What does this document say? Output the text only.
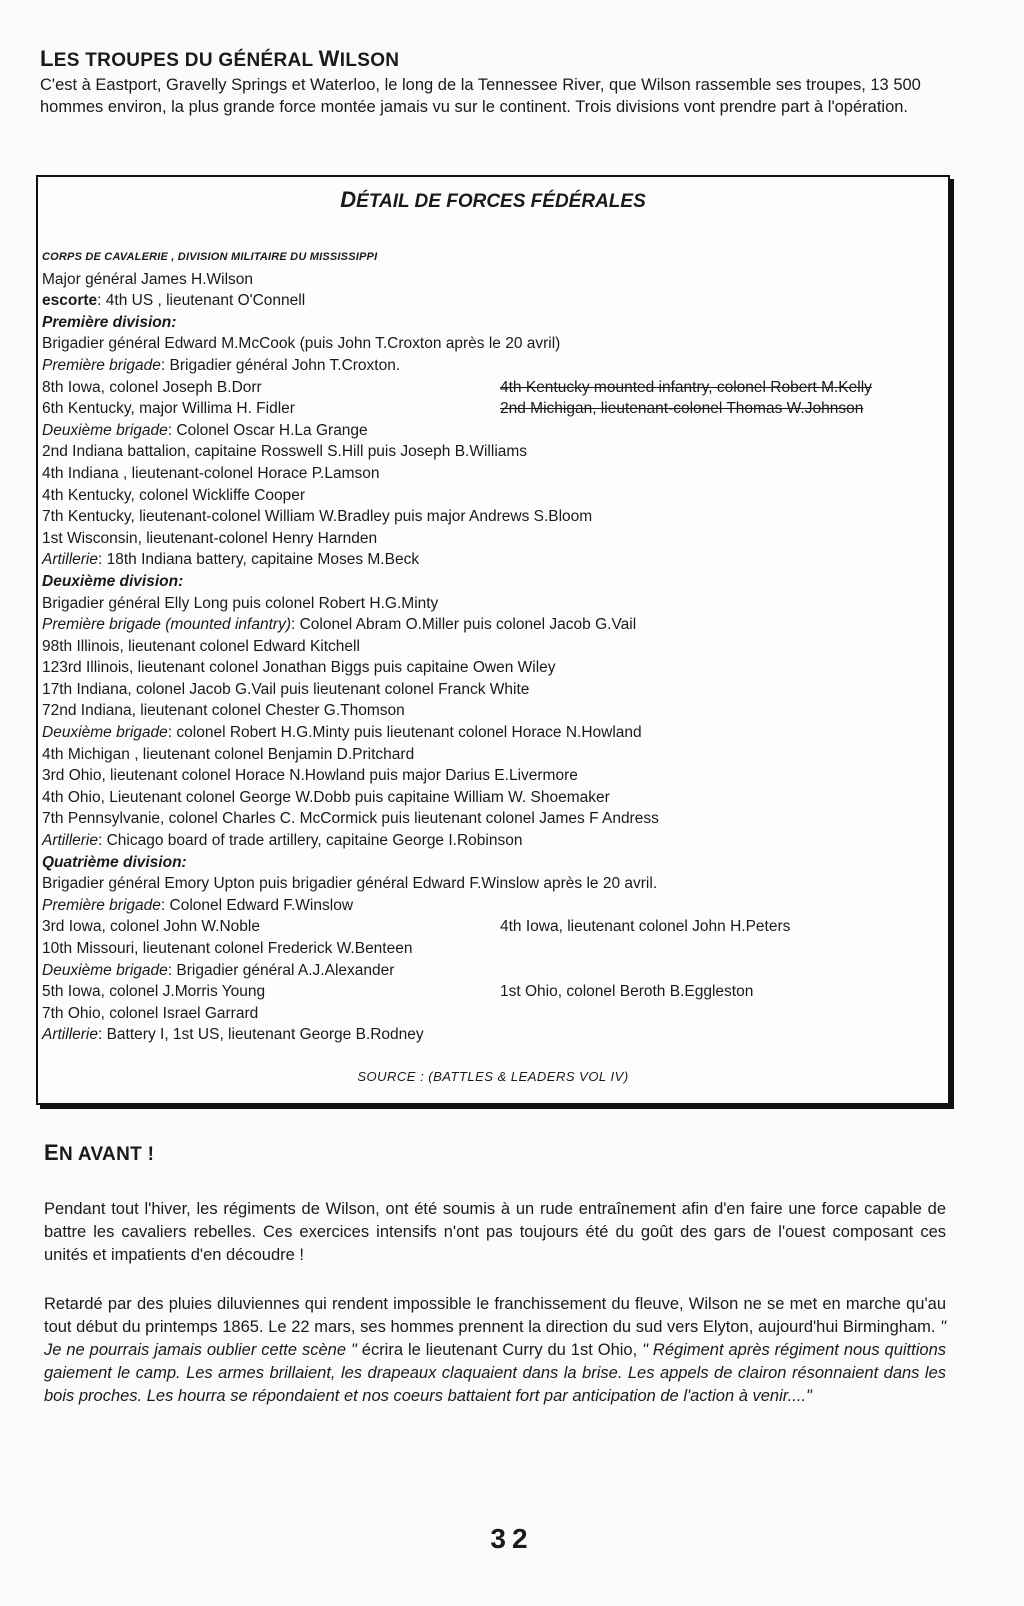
LES TROUPES DU GÉNÉRAL WILSON

C'est à Eastport, Gravelly Springs et Waterloo, le long de la Tennessee River, que Wilson rassemble ses troupes, 13 500 hommes environ, la plus grande force montée jamais vu sur le continent. Trois divisions vont prendre part à l'opération.

DÉTAIL DE FORCES FÉDÉRALES
CORPS DE CAVALERIE , DIVISION MILITAIRE DU MISSISSIPPI
Major général James H.Wilson
escorte: 4th US , lieutenant O'Connell
Première division:
Brigadier général Edward M.McCook (puis John T.Croxton après le 20 avril)
Première brigade: Brigadier général John T.Croxton.
8th Iowa, colonel Joseph B.Dorr	4th Kentucky mounted infantry, colonel Robert M.Kelly
6th Kentucky, major Willima H. Fidler	2nd Michigan, lieutenant-colonel Thomas W.Johnson
Deuxième brigade: Colonel Oscar H.La Grange
2nd Indiana battalion, capitaine Rosswell S.Hill puis Joseph B.Williams
4th Indiana , lieutenant-colonel Horace P.Lamson
4th Kentucky, colonel Wickliffe Cooper
7th Kentucky, lieutenant-colonel William W.Bradley puis major Andrews S.Bloom
1st Wisconsin, lieutenant-colonel Henry Harnden
Artillerie: 18th Indiana battery, capitaine Moses M.Beck
Deuxième division:
Brigadier général Elly Long puis colonel Robert H.G.Minty
Première brigade (mounted infantry): Colonel Abram O.Miller puis colonel Jacob G.Vail
98th Illinois, lieutenant colonel Edward Kitchell
123rd Illinois, lieutenant colonel Jonathan Biggs puis capitaine Owen Wiley
17th Indiana, colonel Jacob G.Vail puis lieutenant colonel Franck White
72nd Indiana, lieutenant colonel Chester G.Thomson
Deuxième brigade: colonel Robert H.G.Minty puis lieutenant colonel Horace N.Howland
4th Michigan , lieutenant colonel Benjamin D.Pritchard
3rd Ohio, lieutenant colonel Horace N.Howland puis major Darius E.Livermore
4th Ohio, Lieutenant colonel George W.Dobb puis capitaine William W. Shoemaker
7th Pennsylvanie, colonel Charles C. McCormick puis lieutenant colonel James F Andress
Artillerie: Chicago board of trade artillery, capitaine George I.Robinson
Quatrième division:
Brigadier général Emory Upton puis brigadier général Edward F.Winslow après le 20 avril.
Première brigade: Colonel Edward F.Winslow
3rd Iowa, colonel John W.Noble	4th Iowa, lieutenant colonel John H.Peters
10th Missouri, lieutenant colonel Frederick W.Benteen
Deuxième brigade: Brigadier général A.J.Alexander
5th Iowa, colonel J.Morris Young	1st Ohio, colonel Beroth B.Eggleston
7th Ohio, colonel Israel Garrard
Artillerie: Battery I, 1st US, lieutenant George B.Rodney
SOURCE : (BATTLES & LEADERS VOL IV)
EN AVANT !

Pendant tout l'hiver, les régiments de Wilson, ont été soumis à un rude entraînement afin d'en faire une force capable de battre les cavaliers rebelles. Ces exercices intensifs n'ont pas toujours été du goût des gars de l'ouest composant ces unités et impatients d'en découdre !

Retardé par des pluies diluviennes qui rendent impossible le franchissement du fleuve, Wilson ne se met en marche qu'au tout début du printemps 1865. Le 22 mars, ses hommes prennent la direction du sud vers Elyton, aujourd'hui Birmingham. " Je ne pourrais jamais oublier cette scène " écrira le lieutenant Curry du 1st Ohio, " Régiment après régiment nous quittions gaiement le camp. Les armes brillaient, les drapeaux claquaient dans la brise. Les appels de clairon résonnaient dans les bois proches. Les hourra se répondaient et nos coeurs battaient fort par anticipation de l'action à venir...."

32
